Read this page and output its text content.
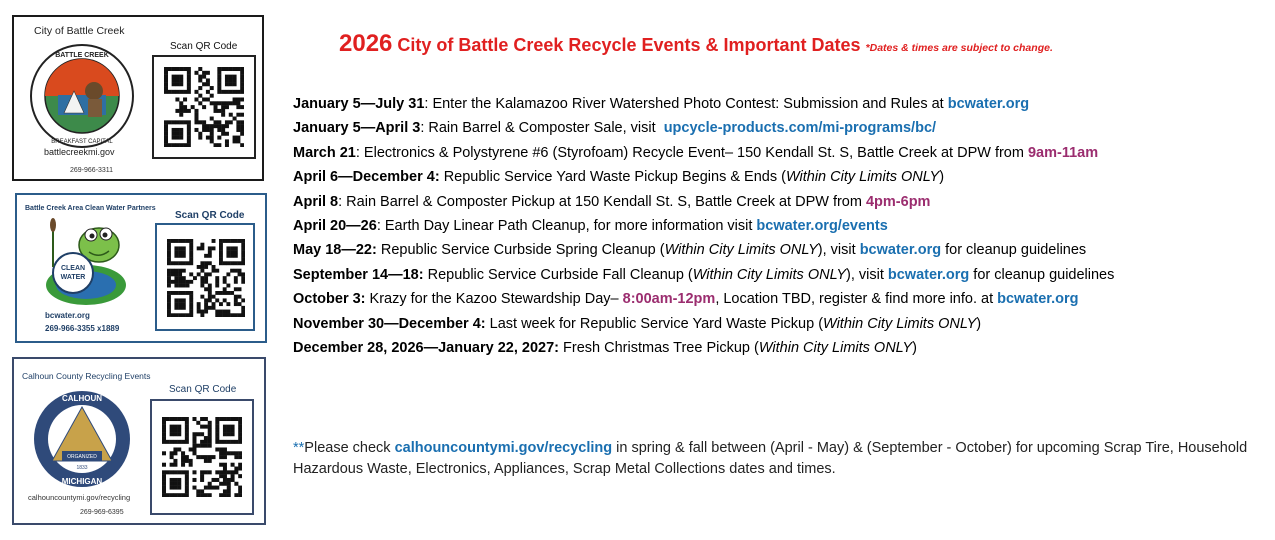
City of Battle Creek
Scan QR Code
BATTLE CREEK
BREAKFAST CAPITAL
battlecreekmi.gov
269-966-3311
Battle Creek Area Clean Water Partners
Scan QR Code
CLEAN
WATER
bcwater.org
269-966-3355 x1889
Calhoun County Recycling Events
Scan QR Code
ORGANIZED
1833
CALHOUN
MICHIGAN
calhouncountymi.gov/recycling
269-969-6395
2026 City of Battle Creek Recycle Events & Important Dates *Dates & times are subject to change.
January 5—July 31: Enter the Kalamazoo River Watershed Photo Contest: Submission and Rules at bcwater.org
January 5—April 3: Rain Barrel & Composter Sale, visit  upcycle-products.com/mi-programs/bc/
March 21: Electronics & Polystyrene #6 (Styrofoam) Recycle Event– 150 Kendall St. S, Battle Creek at DPW from 9am-11am
April 6—December 4: Republic Service Yard Waste Pickup Begins & Ends (Within City Limits ONLY)
April 8: Rain Barrel & Composter Pickup at 150 Kendall St. S, Battle Creek at DPW from 4pm-6pm
April 20—26: Earth Day Linear Path Cleanup, for more information visit bcwater.org/events
May 18—22: Republic Service Curbside Spring Cleanup (Within City Limits ONLY), visit bcwater.org for cleanup guidelines
September 14—18: Republic Service Curbside Fall Cleanup (Within City Limits ONLY), visit bcwater.org for cleanup guidelines
October 3: Krazy for the Kazoo Stewardship Day– 8:00am-12pm, Location TBD, register & find more info. at bcwater.org
November 30—December 4: Last week for Republic Service Yard Waste Pickup (Within City Limits ONLY)
December 28, 2026—January 22, 2027: Fresh Christmas Tree Pickup (Within City Limits ONLY)
**Please check calhouncountymi.gov/recycling in spring & fall between (April - May) & (September - October) for upcoming Scrap Tire, Household Hazardous Waste, Electronics, Appliances, Scrap Metal Collections dates and times.
